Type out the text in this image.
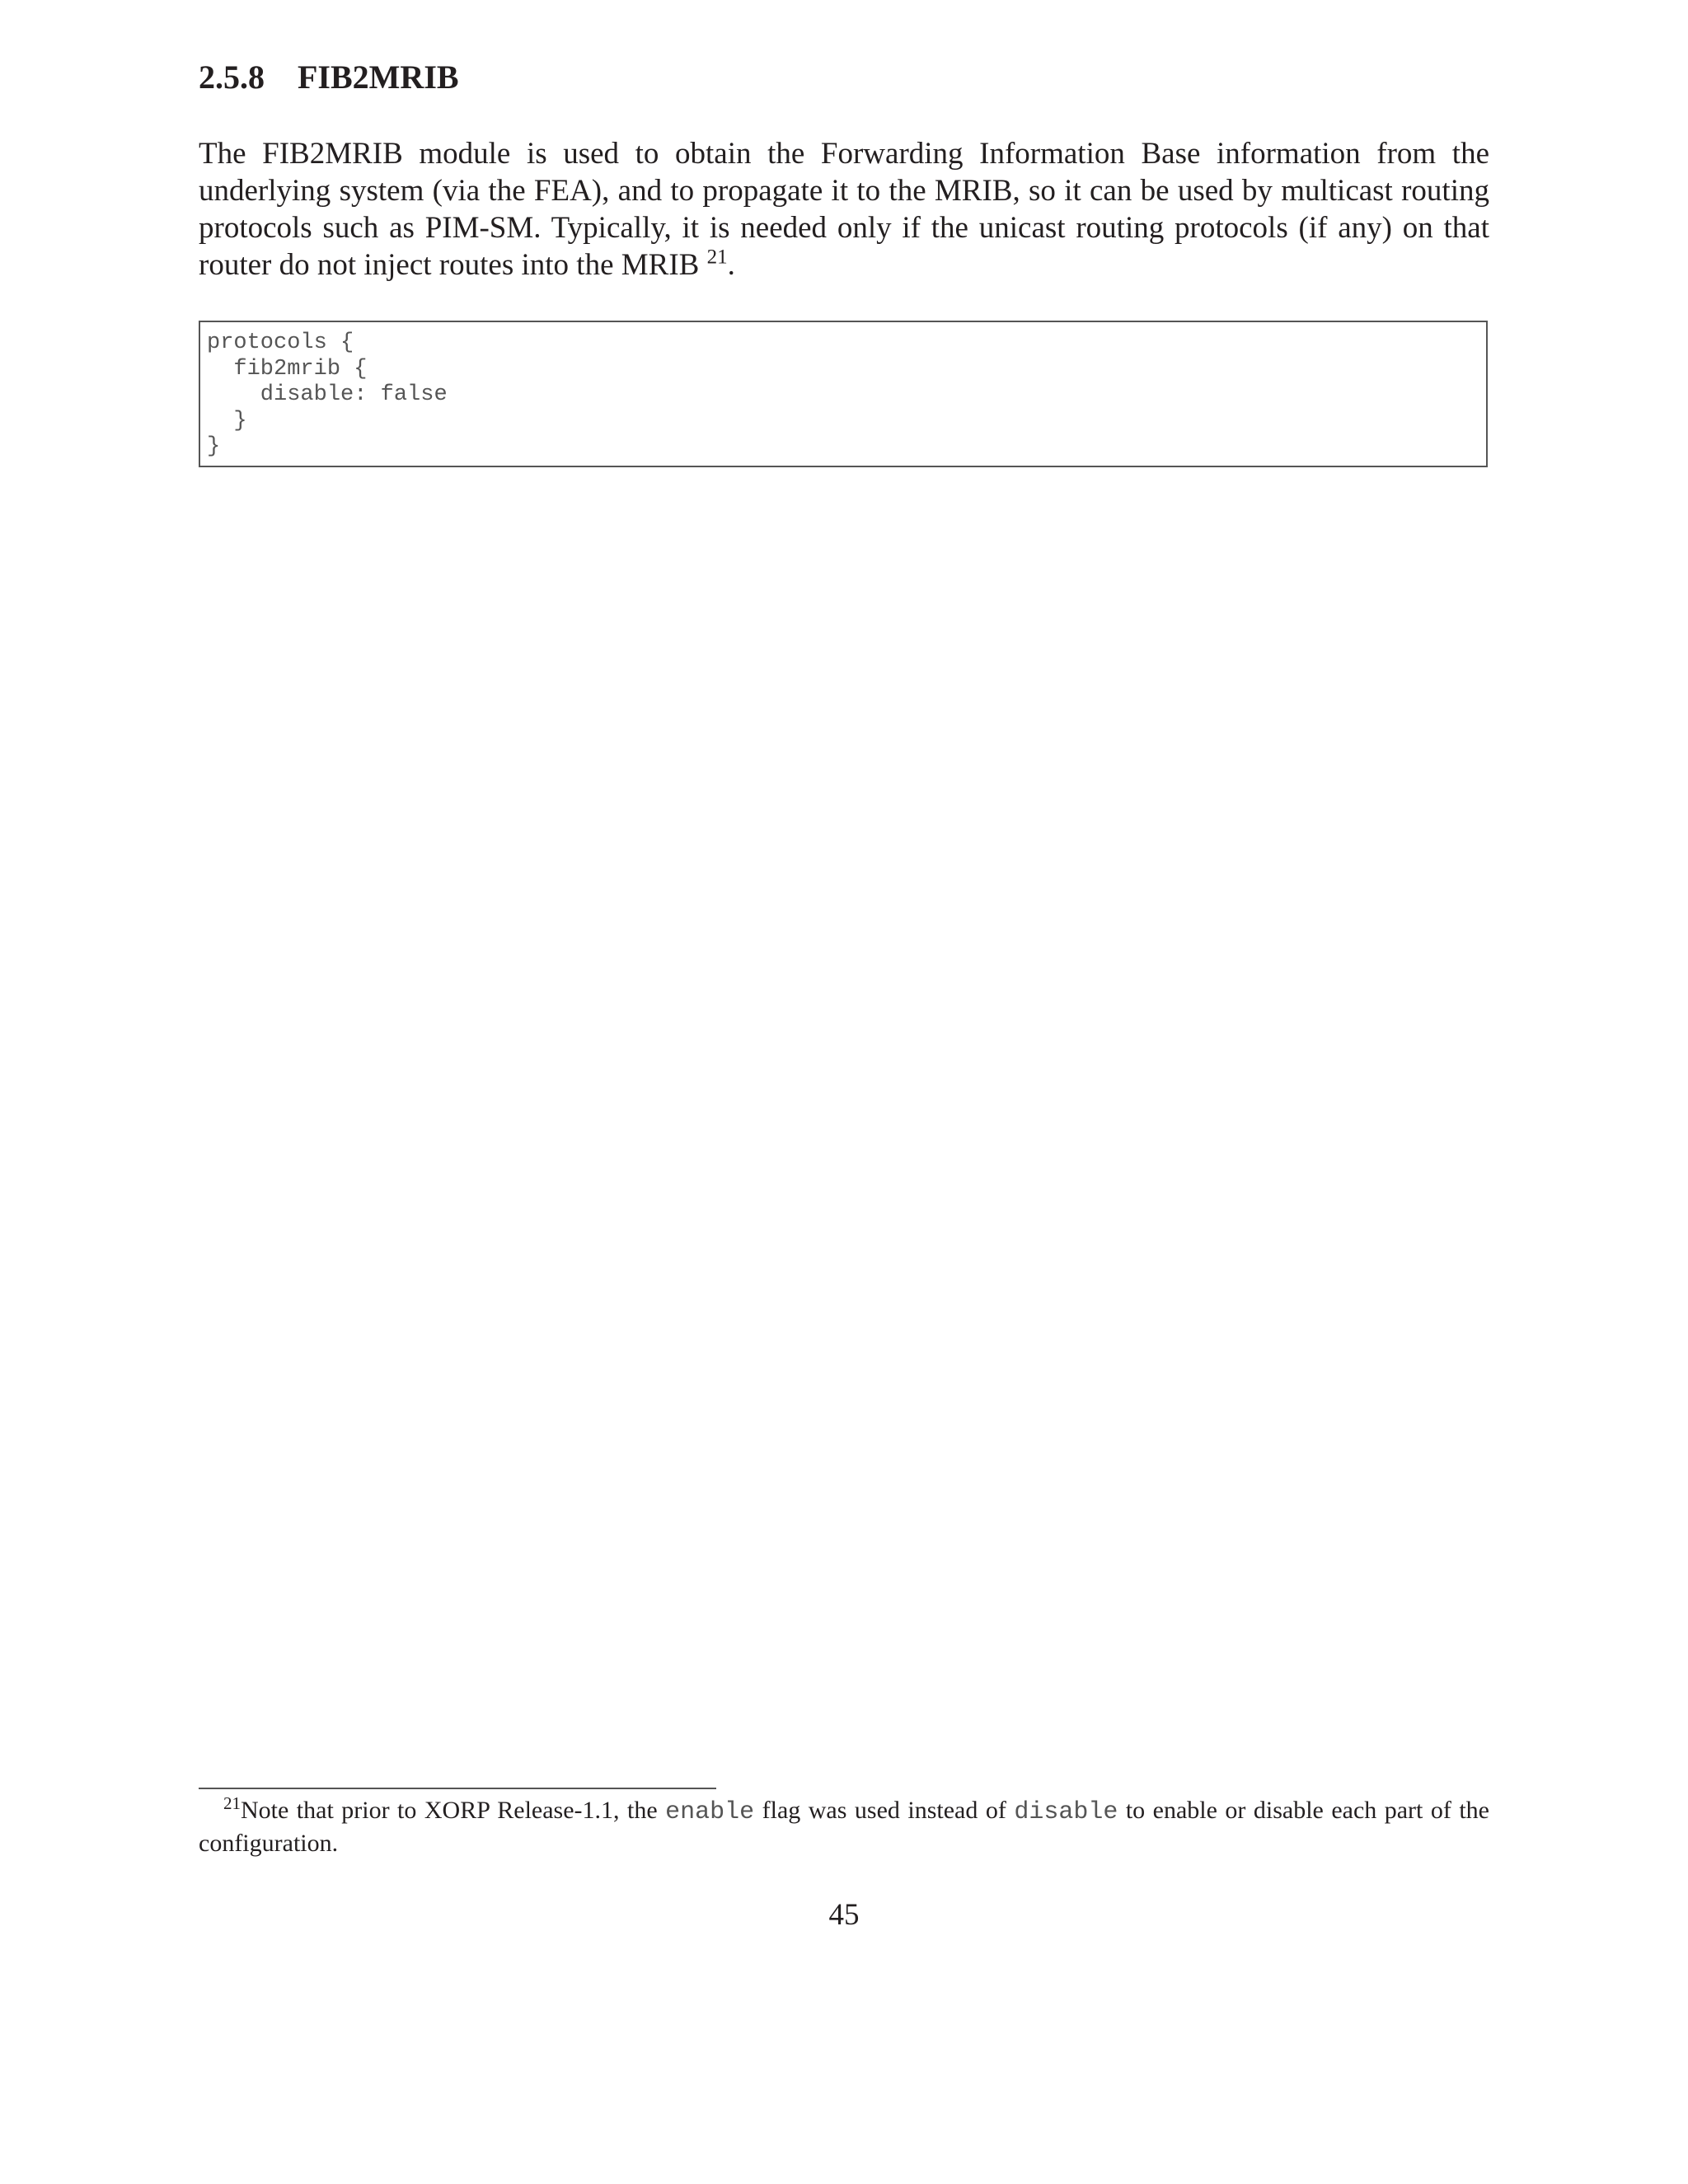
2.5.8 FIB2MRIB

The FIB2MRIB module is used to obtain the Forwarding Information Base information from the underlying system (via the FEA), and to propagate it to the MRIB, so it can be used by multicast routing protocols such as PIM-SM. Typically, it is needed only if the unicast routing protocols (if any) on that router do not inject routes into the MRIB $^{21}$.

protocols {
fib2mrib {
disable: false
}
}

$^{21}$Note that prior to XORP Release-1.1, the enable flag was used instead of disable to enable or disable each part of the configuration.

45
